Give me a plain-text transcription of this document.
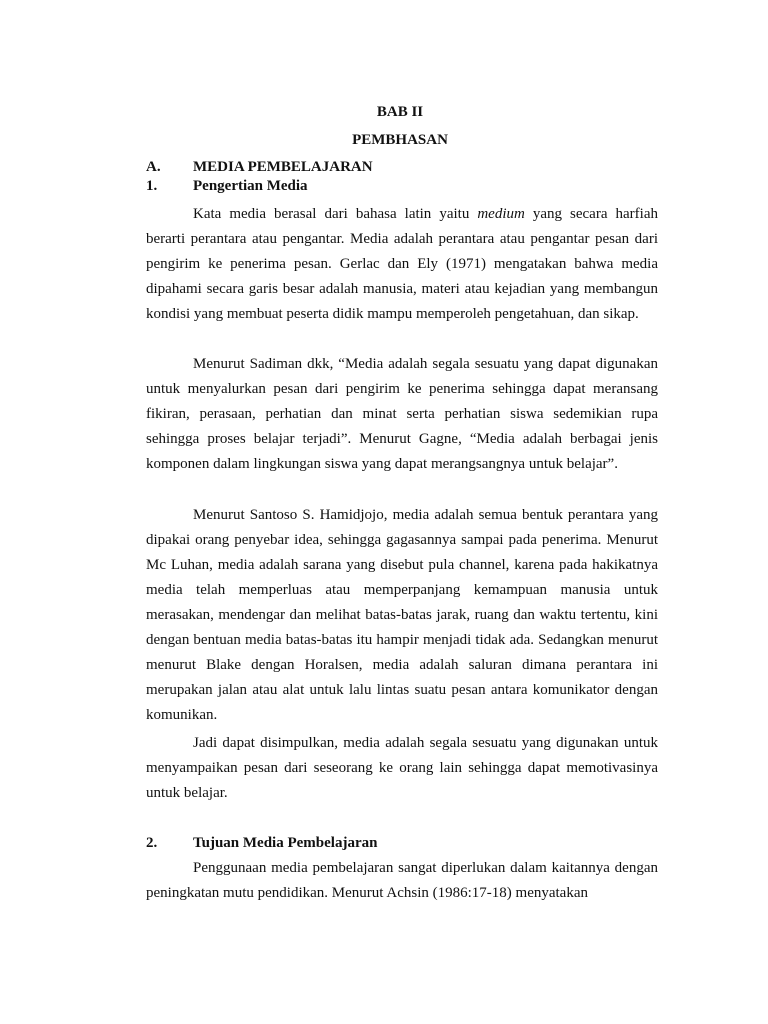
BAB II
PEMBHASAN
A. MEDIA PEMBELAJARAN
1. Pengertian Media

Kata media berasal dari bahasa latin yaitu medium yang secara harfiah berarti perantara atau pengantar. Media adalah perantara atau pengantar pesan dari pengirim ke penerima pesan. Gerlac dan Ely (1971) mengatakan bahwa media dipahami secara garis besar adalah manusia, materi atau kejadian yang membangun kondisi yang membuat peserta didik mampu memperoleh pengetahuan, dan sikap.

Menurut Sadiman dkk, “Media adalah segala sesuatu yang dapat digunakan untuk menyalurkan pesan dari pengirim ke penerima sehingga dapat meransang fikiran, perasaan, perhatian dan minat serta perhatian siswa sedemikian rupa sehingga proses belajar terjadi”. Menurut Gagne, “Media adalah berbagai jenis komponen dalam lingkungan siswa yang dapat merangsangnya untuk belajar”.

Menurut Santoso S. Hamidjojo, media adalah semua bentuk perantara yang dipakai orang penyebar idea, sehingga gagasannya sampai pada penerima. Menurut Mc Luhan, media adalah sarana yang disebut pula channel, karena pada hakikatnya media telah memperluas atau memperpanjang kemampuan manusia untuk merasakan, mendengar dan melihat batas-batas jarak, ruang dan waktu tertentu, kini dengan bentuan media batas-batas itu hampir menjadi tidak ada. Sedangkan menurut menurut Blake dengan Horalsen, media adalah saluran dimana perantara ini merupakan jalan atau alat untuk lalu lintas suatu pesan antara komunikator dengan komunikan.

Jadi dapat disimpulkan, media adalah segala sesuatu yang digunakan untuk menyampaikan pesan dari seseorang ke orang lain sehingga dapat memotivasinya untuk belajar.

2. Tujuan Media Pembelajaran

Penggunaan media pembelajaran sangat diperlukan dalam kaitannya dengan peningkatan mutu pendidikan. Menurut Achsin (1986:17-18) menyatakan
